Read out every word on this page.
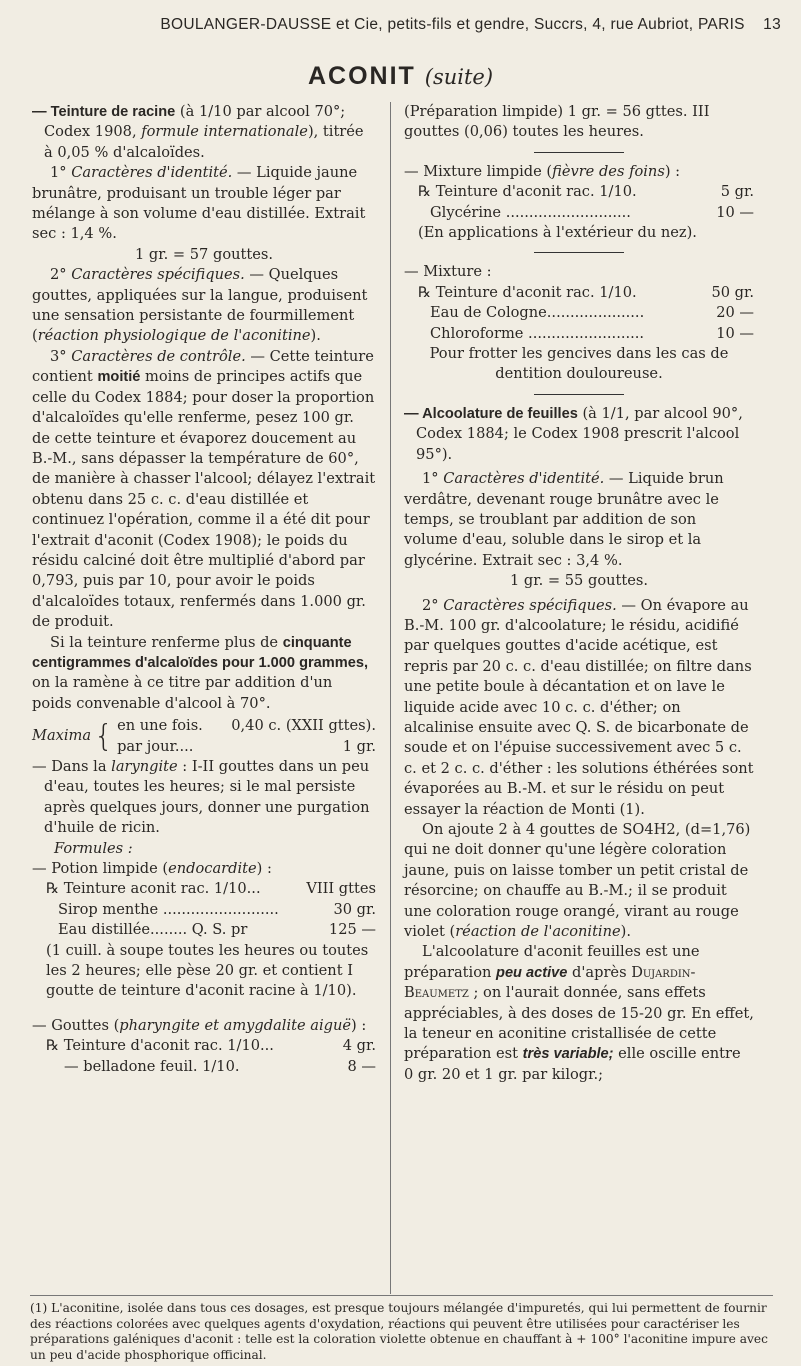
BOULANGER-DAUSSE et Cie, petits-fils et gendre, Succrs, 4, rue Aubriot, PARIS	13
ACONIT (suite)

— Teinture de racine (à 1/10 par alcool 70°; Codex 1908, formule internationale), titrée à 0,05 % d'alcaloïdes.

1° Caractères d'identité. — Liquide jaune brunâtre, produisant un trouble léger par mélange à son volume d'eau distillée. Extrait sec : 1,4 %.

1 gr. = 57 gouttes.

2° Caractères spécifiques. — Quelques gouttes, appliquées sur la langue, produisent une sensation persistante de fourmillement (réaction physiologique de l'aconitine).

3° Caractères de contrôle. — Cette teinture contient moitié moins de principes actifs que celle du Codex 1884; pour doser la proportion d'alcaloïdes qu'elle renferme, pesez 100 gr. de cette teinture et évaporez doucement au B.-M., sans dépasser la température de 60°, de manière à chasser l'alcool; délayez l'extrait obtenu dans 25 c. c. d'eau distillée et continuez l'opération, comme il a été dit pour l'extrait d'aconit (Codex 1908); le poids du résidu calciné doit être multiplié d'abord par 0,793, puis par 10, pour avoir le poids d'alcaloïdes totaux, renfermés dans 1.000 gr. de produit.

Si la teinture renferme plus de cinquante centigrammes d'alcaloïdes pour 1.000 grammes, on la ramène à ce titre par addition d'un poids convenable d'alcool à 70°.

Maxima { en une fois. 0,40 c. (XXII gttes).
par jour....	1 gr.

— Dans la laryngite : I-II gouttes dans un peu d'eau, toutes les heures; si le mal persiste après quelques jours, donner une purgation d'huile de ricin.

Formules :

— Potion limpide (endocardite) :

℞ Teinture aconit rac. 1/10...	VIII gttes
Sirop menthe .........................	30 gr.
Eau distillée........ Q. S. pr	125 —

(1 cuill. à soupe toutes les heures ou toutes les 2 heures; elle pèse 20 gr. et contient I goutte de teinture d'aconit racine à 1/10).

— Gouttes (pharyngite et amygdalite aiguë) :

℞ Teinture d'aconit rac. 1/10...	4 gr.
— belladone feuil. 1/10.	8 —

(Préparation limpide) 1 gr. = 56 gttes. III gouttes (0,06) toutes les heures.

— Mixture limpide (fièvre des foins) :

℞ Teinture d'aconit rac. 1/10.	5 gr.
Glycérine ...........................	10 —

(En applications à l'extérieur du nez).

— Mixture :

℞ Teinture d'aconit rac. 1/10.	50 gr.
Eau de Cologne.....................	20 —
Chloroforme .........................	10 —

Pour frotter les gencives dans les cas de dentition douloureuse.

— Alcoolature de feuilles (à 1/1, par alcool 90°, Codex 1884; le Codex 1908 prescrit l'alcool 95°).

1° Caractères d'identité. — Liquide brun verdâtre, devenant rouge brunâtre avec le temps, se troublant par addition de son volume d'eau, soluble dans le sirop et la glycérine. Extrait sec : 3,4 %.

1 gr. = 55 gouttes.

2° Caractères spécifiques. — On évapore au B.-M. 100 gr. d'alcoolature; le résidu, acidifié par quelques gouttes d'acide acétique, est repris par 20 c. c. d'eau distillée; on filtre dans une petite boule à décantation et on lave le liquide acide avec 10 c. c. d'éther; on alcalinise ensuite avec Q. S. de bicarbonate de soude et on l'épuise successivement avec 5 c. c. et 2 c. c. d'éther : les solutions éthérées sont évaporées au B.-M. et sur le résidu on peut essayer la réaction de Monti (1).

On ajoute 2 à 4 gouttes de SO4H2, (d=1,76) qui ne doit donner qu'une légère coloration jaune, puis on laisse tomber un petit cristal de résorcine; on chauffe au B.-M.; il se produit une coloration rouge orangé, virant au rouge violet (réaction de l'aconitine).

L'alcoolature d'aconit feuilles est une préparation peu active d'après Dujardin-Beaumetz ; on l'aurait donnée, sans effets appréciables, à des doses de 15-20 gr. En effet, la teneur en aconitine cristallisée de cette préparation est très variable; elle oscille entre 0 gr. 20 et 1 gr. par kilogr.;

(1) L'aconitine, isolée dans tous ces dosages, est presque toujours mélangée d'impuretés, qui lui permettent de fournir des réactions colorées avec quelques agents d'oxydation, réactions qui peuvent être utilisées pour caractériser les préparations galéniques d'aconit : telle est la coloration violette obtenue en chauffant à + 100° l'aconitine impure avec un peu d'acide phosphorique officinal.
